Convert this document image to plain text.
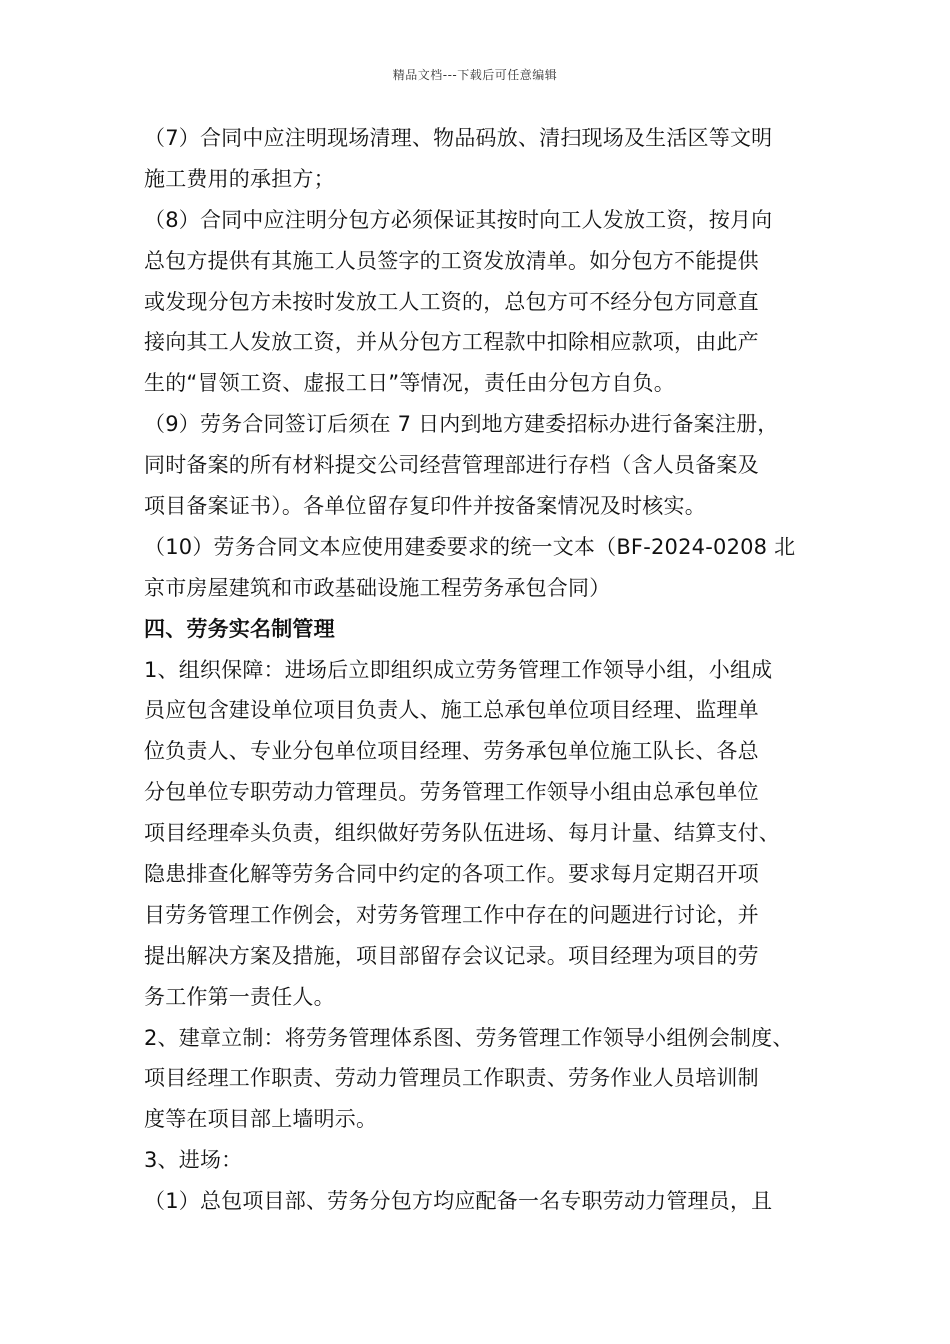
精品文档---下载后可任意编辑
（7）合同中应注明现场清理、物品码放、清扫现场及生活区等文明
施工费用的承担方；
（8）合同中应注明分包方必须保证其按时向工人发放工资，按月向
总包方提供有其施工人员签字的工资发放清单。如分包方不能提供
或发现分包方未按时发放工人工资的，总包方可不经分包方同意直
接向其工人发放工资，并从分包方工程款中扣除相应款项，由此产
生的“冒领工资、虚报工日”等情况，责任由分包方自负。
（9）劳务合同签订后须在 7 日内到地方建委招标办进行备案注册，
同时备案的所有材料提交公司经营管理部进行存档（含人员备案及
项目备案证书）。各单位留存复印件并按备案情况及时核实。
（10）劳务合同文本应使用建委要求的统一文本（BF-2024-0208 北
京市房屋建筑和市政基础设施工程劳务承包合同）
四、劳务实名制管理
1、组织保障：进场后立即组织成立劳务管理工作领导小组，小组成
员应包含建设单位项目负责人、施工总承包单位项目经理、监理单
位负责人、专业分包单位项目经理、劳务承包单位施工队长、各总
分包单位专职劳动力管理员。劳务管理工作领导小组由总承包单位
项目经理牵头负责，组织做好劳务队伍进场、每月计量、结算支付、
隐患排查化解等劳务合同中约定的各项工作。要求每月定期召开项
目劳务管理工作例会，对劳务管理工作中存在的问题进行讨论，并
提出解决方案及措施，项目部留存会议记录。项目经理为项目的劳
务工作第一责任人。
2、建章立制：将劳务管理体系图、劳务管理工作领导小组例会制度、
项目经理工作职责、劳动力管理员工作职责、劳务作业人员培训制
度等在项目部上墙明示。
3、进场：
（1）总包项目部、劳务分包方均应配备一名专职劳动力管理员，且
